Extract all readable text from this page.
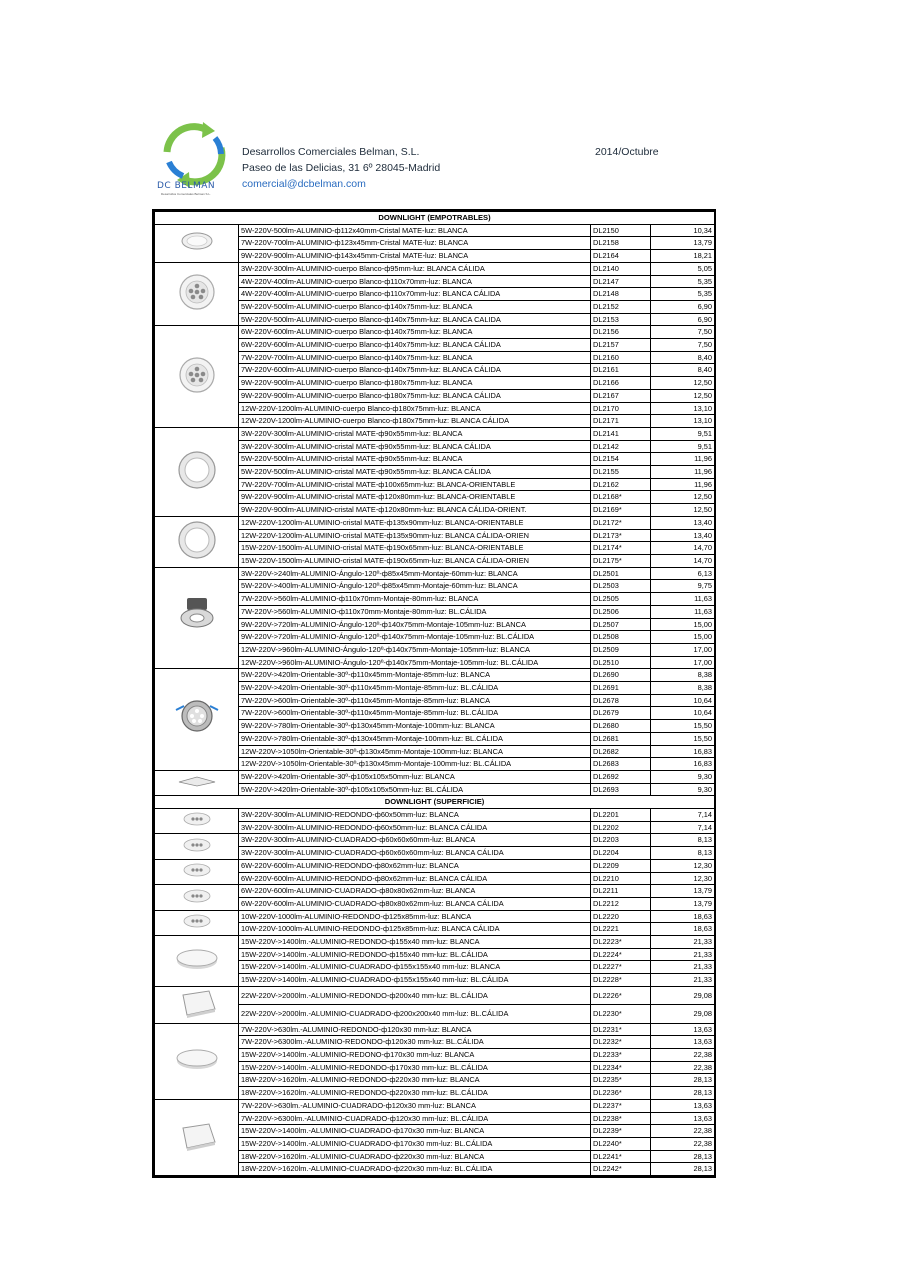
DC BELMAN
Desarrollos Comerciales Belman S.L.
Desarrollos Comerciales Belman, S.L.
Paseo de las Delicias, 31 6º 28045-Madrid
comercial@dcbelman.com
2014/Octubre
DOWNLIGHT (EMPOTRABLES)			

	5W-220V-500lm-ALUMINIO-ф112x40mm-Cristal MATE-luz: BLANCA	DL2150	10,34
	7W-220V-700lm-ALUMINIO-ф123x45mm-Cristal MATE-luz: BLANCA	DL2158	13,79
	9W-220V-900lm-ALUMINIO-ф143x45mm-Cristal MATE-luz: BLANCA	DL2164	18,21

	3W-220V-300lm-ALUMINIO-cuerpo Blanco-ф95mm-luz: BLANCA CÁLIDA	DL2140	5,05
	4W-220V-400lm-ALUMINIO-cuerpo Blanco-ф110x70mm-luz: BLANCA	DL2147	5,35
	4W-220V-400lm-ALUMINIO-cuerpo Blanco-ф110x70mm-luz: BLANCA CÁLIDA	DL2148	5,35
	5W-220V-500lm-ALUMINIO-cuerpo Blanco-ф140x75mm-luz: BLANCA	DL2152	6,90
	5W-220V-500lm-ALUMINIO-cuerpo Blanco-ф140x75mm-luz: BLANCA CALIDA	DL2153	6,90

	6W-220V-600lm-ALUMINIO-cuerpo Blanco-ф140x75mm-luz: BLANCA	DL2156	7,50
	6W-220V-600lm-ALUMINIO-cuerpo Blanco-ф140x75mm-luz: BLANCA CÁLIDA	DL2157	7,50
	7W-220V-700lm-ALUMINIO-cuerpo Blanco-ф140x75mm-luz: BLANCA	DL2160	8,40
	7W-220V-600lm-ALUMINIO-cuerpo Blanco-ф140x75mm-luz: BLANCA CÁLIDA	DL2161	8,40
	9W-220V-900lm-ALUMINIO-cuerpo Blanco-ф180x75mm-luz: BLANCA	DL2166	12,50
	9W-220V-900lm-ALUMINIO-cuerpo Blanco-ф180x75mm-luz: BLANCA CÁLIDA	DL2167	12,50
	12W-220V-1200lm-ALUMINIO-cuerpo Blanco-ф180x75mm-luz: BLANCA	DL2170	13,10
	12W-220V-1200lm-ALUMINIO-cuerpo Blanco-ф180x75mm-luz: BLANCA CÁLIDA	DL2171	13,10

	3W-220V-300lm-ALUMINIO-cristal MATE-ф90x55mm-luz: BLANCA	DL2141	9,51
	3W-220V-300lm-ALUMINIO-cristal MATE-ф90x55mm-luz: BLANCA CÁLIDA	DL2142	9,51
	5W-220V-500lm-ALUMINIO-cristal MATE-ф90x55mm-luz: BLANCA	DL2154	11,96
	5W-220V-500lm-ALUMINIO-cristal MATE-ф90x55mm-luz: BLANCA CÁLIDA	DL2155	11,96
	7W-220V-700lm-ALUMINIO-cristal MATE-ф100x65mm-luz: BLANCA-ORIENTABLE	DL2162	11,96
	9W-220V-900lm-ALUMINIO-cristal MATE-ф120x80mm-luz: BLANCA-ORIENTABLE	DL2168*	12,50
	9W-220V-900lm-ALUMINIO-cristal MATE-ф120x80mm-luz: BLANCA CÁLIDA-ORIENT.	DL2169*	12,50

	12W-220V-1200lm-ALUMINIO-cristal MATE-ф135x90mm-luz: BLANCA-ORIENTABLE	DL2172*	13,40
	12W-220V-1200lm-ALUMINIO-cristal MATE-ф135x90mm-luz: BLANCA CÁLIDA-ORIEN	DL2173*	13,40
	15W-220V-1500lm-ALUMINIO-cristal MATE-ф190x65mm-luz: BLANCA-ORIENTABLE	DL2174*	14,70
	15W-220V-1500lm-ALUMINIO-cristal MATE-ф190x65mm-luz: BLANCA CÁLIDA-ORIEN	DL2175*	14,70

	3W-220V->240lm-ALUMINIO-Ángulo-120º-ф85x45mm-Montaje-60mm-luz: BLANCA	DL2501	6,13
	5W-220V->400lm-ALUMINIO-Ángulo-120º-ф85x45mm-Montaje-60mm-luz: BLANCA	DL2503	9,75
	7W-220V->560lm-ALUMINIO-ф110x70mm-Montaje-80mm-luz: BLANCA	DL2505	11,63
	7W-220V->560lm-ALUMINIO-ф110x70mm-Montaje-80mm-luz: BL.CÁLIDA	DL2506	11,63
	9W-220V->720lm-ALUMINIO-Ángulo-120º-ф140x75mm-Montaje-105mm-luz: BLANCA	DL2507	15,00
	9W-220V->720lm-ALUMINIO-Ángulo-120º-ф140x75mm-Montaje-105mm-luz: BL.CÁLIDA	DL2508	15,00
	12W-220V->960lm-ALUMINIO-Ángulo-120º-ф140x75mm-Montaje-105mm-luz: BLANCA	DL2509	17,00
	12W-220V->960lm-ALUMINIO-Ángulo-120º-ф140x75mm-Montaje-105mm-luz: BL.CÁLIDA	DL2510	17,00

	5W-220V->420lm-Orientable-30º-ф110x45mm-Montaje-85mm-luz: BLANCA	DL2690	8,38
	5W-220V->420lm-Orientable-30º-ф110x45mm-Montaje-85mm-luz: BL.CÁLIDA	DL2691	8,38
	7W-220V->600lm-Orientable-30º-ф110x45mm-Montaje-85mm-luz: BLANCA	DL2678	10,64
	7W-220V->600lm-Orientable-30º-ф110x45mm-Montaje-85mm-luz: BL.CÁLIDA	DL2679	10,64
	9W-220V->780lm-Orientable-30º-ф130x45mm-Montaje-100mm-luz: BLANCA	DL2680	15,50
	9W-220V->780lm-Orientable-30º-ф130x45mm-Montaje-100mm-luz: BL.CÁLIDA	DL2681	15,50
	12W-220V->1050lm-Orientable-30º-ф130x45mm-Montaje-100mm-luz: BLANCA	DL2682	16,83
	12W-220V->1050lm-Orientable-30º-ф130x45mm-Montaje-100mm-luz: BL.CÁLIDA	DL2683	16,83

	5W-220V->420lm-Orientable-30º-ф105x105x50mm-luz: BLANCA	DL2692	9,30
	5W-220V->420lm-Orientable-30º-ф105x105x50mm-luz: BL.CÁLIDA	DL2693	9,30
DOWNLIGHT (SUPERFICIE)			

	3W-220V-300lm-ALUMINIO-REDONDO-ф60x50mm-luz: BLANCA	DL2201	7,14
	3W-220V-300lm-ALUMINIO-REDONDO-ф60x50mm-luz: BLANCA CÁLIDA	DL2202	7,14

	3W-220V-300lm-ALUMINIO-CUADRADO-ф60x60x60mm-luz: BLANCA	DL2203	8,13
	3W-220V-300lm-ALUMINIO-CUADRADO-ф60x60x60mm-luz: BLANCA CÁLIDA	DL2204	8,13

	6W-220V-600lm-ALUMINIO-REDONDO-ф80x62mm-luz: BLANCA	DL2209	12,30
	6W-220V-600lm-ALUMINIO-REDONDO-ф80x62mm-luz: BLANCA CÁLIDA	DL2210	12,30

	6W-220V-600lm-ALUMINIO-CUADRADO-ф80x80x62mm-luz: BLANCA	DL2211	13,79
	6W-220V-600lm-ALUMINIO-CUADRADO-ф80x80x62mm-luz: BLANCA CÁLIDA	DL2212	13,79

	10W-220V-1000lm-ALUMINIO-REDONDO-ф125x85mm-luz: BLANCA	DL2220	18,63
	10W-220V-1000lm-ALUMINIO-REDONDO-ф125x85mm-luz: BLANCA CÁLIDA	DL2221	18,63

	15W-220V->1400lm.-ALUMINIO-REDONDO-ф155x40 mm-luz: BLANCA	DL2223*	21,33
	15W-220V->1400lm.-ALUMINIO-REDONDO-ф155x40 mm-luz: BL.CÁLIDA	DL2224*	21,33
	15W-220V->1400lm.-ALUMINIO-CUADRADO-ф155x155x40 mm-luz: BLANCA	DL2227*	21,33
	15W-220V->1400lm.-ALUMINIO-CUADRADO-ф155x155x40 mm-luz: BL.CÁLIDA	DL2228*	21,33

	22W-220V->2000lm.-ALUMINIO-REDONDO-ф200x40 mm-luz: BL.CÁLIDA	DL2226*	29,08
	22W-220V->2000lm.-ALUMINIO-CUADRADO-ф200x200x40 mm-luz: BL.CÁLIDA	DL2230*	29,08

	7W-220V->630lm.-ALUMINIO-REDONDO-ф120x30 mm-luz: BLANCA	DL2231*	13,63
	7W-220V->6300lm.-ALUMINIO-REDONDO-ф120x30 mm-luz: BL.CÁLIDA	DL2232*	13,63
	15W-220V->1400lm.-ALUMINIO-REDONO-ф170x30 mm-luz: BLANCA	DL2233*	22,38
	15W-220V->1400lm.-ALUMINIO-REDONDO-ф170x30 mm-luz: BL.CÁLIDA	DL2234*	22,38
	18W-220V->1620lm.-ALUMINIO-REDONDO-ф220x30 mm-luz: BLANCA	DL2235*	28,13
	18W-220V->1620lm.-ALUMINIO-REDONDO-ф220x30 mm-luz: BL.CÁLIDA	DL2236*	28,13

	7W-220V->630lm.-ALUMINIO-CUADRADO-ф120x30 mm-luz: BLANCA	DL2237*	13,63
	7W-220V->6300lm.-ALUMINIO-CUADRADO-ф120x30 mm-luz: BL.CÁLIDA	DL2238*	13,63
	15W-220V->1400lm.-ALUMINIO-CUADRADO-ф170x30 mm-luz: BLANCA	DL2239*	22,38
	15W-220V->1400lm.-ALUMINIO-CUADRADO-ф170x30 mm-luz: BL.CÁLIDA	DL2240*	22,38
	18W-220V->1620lm.-ALUMINIO-CUADRADO-ф220x30 mm-luz: BLANCA	DL2241*	28,13
	18W-220V->1620lm.-ALUMINIO-CUADRADO-ф220x30 mm-luz: BL.CÁLIDA	DL2242*	28,13
